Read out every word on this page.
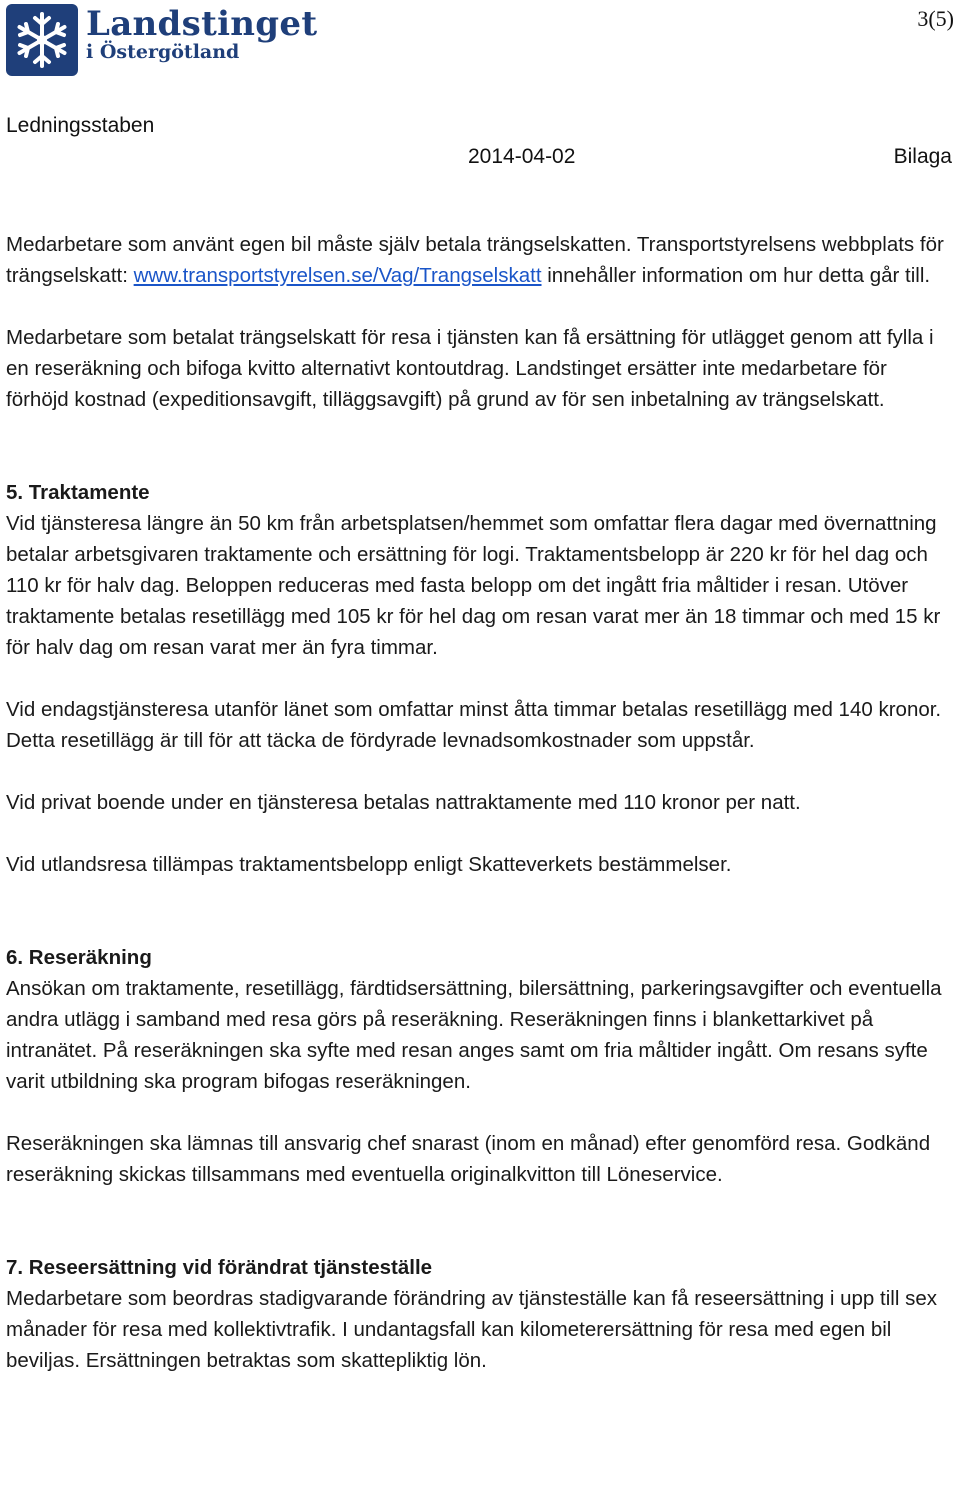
Landstinget
i Östergötland
3(5)
Ledningsstaben
2014-04-02	Bilaga

Medarbetare som använt egen bil måste själv betala trängselskatten. Transportstyrelsens webbplats för trängselskatt: www.transportstyrelsen.se/Vag/Trangselskatt innehåller information om hur detta går till.

Medarbetare som betalat trängselskatt för resa i tjänsten kan få ersättning för utlägget genom att fylla i en reseräkning och bifoga kvitto alternativt kontoutdrag. Landstinget ersätter inte medarbetare för förhöjd kostnad (expeditionsavgift, tilläggsavgift) på grund av för sen inbetalning av trängselskatt.

5. Traktamente

Vid tjänsteresa längre än 50 km från arbetsplatsen/hemmet som omfattar flera dagar med övernattning betalar arbetsgivaren traktamente och ersättning för logi. Traktamentsbelopp är 220 kr för hel dag och 110 kr för halv dag. Beloppen reduceras med fasta belopp om det ingått fria måltider i resan. Utöver traktamente betalas resetillägg med 105 kr för hel dag om resan varat mer än 18 timmar och med 15 kr för halv dag om resan varat mer än fyra timmar.

Vid endagstjänsteresa utanför länet som omfattar minst åtta timmar betalas resetillägg med 140 kronor. Detta resetillägg är till för att täcka de fördyrade levnadsomkostnader som uppstår.

Vid privat boende under en tjänsteresa betalas nattraktamente med 110 kronor per natt.

Vid utlandsresa tillämpas traktamentsbelopp enligt Skatteverkets bestämmelser.

6. Reseräkning

Ansökan om traktamente, resetillägg, färdtidsersättning, bilersättning, parkeringsavgifter och eventuella andra utlägg i samband med resa görs på reseräkning. Reseräkningen finns i blankettarkivet på intranätet. På reseräkningen ska syfte med resan anges samt om fria måltider ingått. Om resans syfte varit utbildning ska program bifogas reseräkningen.

Reseräkningen ska lämnas till ansvarig chef snarast (inom en månad) efter genomförd resa. Godkänd reseräkning skickas tillsammans med eventuella originalkvitton till Löneservice.

7. Reseersättning vid förändrat tjänsteställe

Medarbetare som beordras stadigvarande förändring av tjänsteställe kan få reseersättning i upp till sex månader för resa med kollektivtrafik. I undantagsfall kan kilometerersättning för resa med egen bil beviljas. Ersättningen betraktas som skattepliktig lön.
